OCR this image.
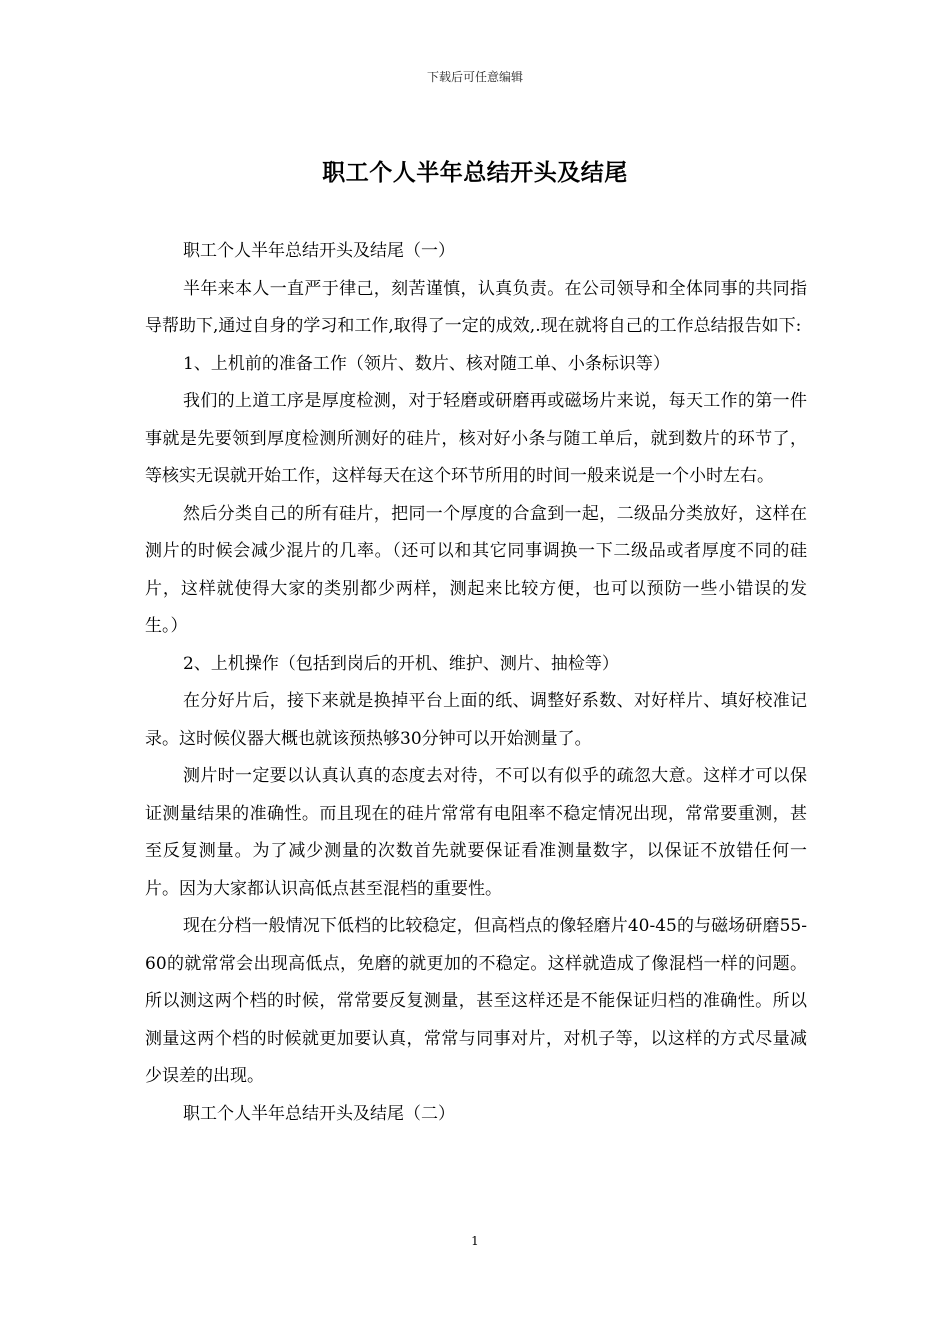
下载后可任意编辑
职工个人半年总结开头及结尾

职工个人半年总结开头及结尾（一）

半年来本人一直严于律己，刻苦谨慎，认真负责。在公司领导和全体同事的共同指导帮助下,通过自身的学习和工作,取得了一定的成效,.现在就将自己的工作总结报告如下:

1、上机前的准备工作（领片、数片、核对随工单、小条标识等）

我们的上道工序是厚度检测，对于轻磨或研磨再或磁场片来说，每天工作的第一件事就是先要领到厚度检测所测好的硅片，核对好小条与随工单后，就到数片的环节了，等核实无误就开始工作，这样每天在这个环节所用的时间一般来说是一个小时左右。

然后分类自己的所有硅片，把同一个厚度的合盒到一起，二级品分类放好，这样在测片的时候会减少混片的几率。（还可以和其它同事调换一下二级品或者厚度不同的硅片，这样就使得大家的类别都少两样，测起来比较方便，也可以预防一些小错误的发生。）

2、上机操作（包括到岗后的开机、维护、测片、抽检等）

在分好片后，接下来就是换掉平台上面的纸、调整好系数、对好样片、填好校准记录。这时候仪器大概也就该预热够30分钟可以开始测量了。

测片时一定要以认真认真的态度去对待，不可以有似乎的疏忽大意。这样才可以保证测量结果的准确性。而且现在的硅片常常有电阻率不稳定情况出现，常常要重测，甚至反复测量。为了减少测量的次数首先就要保证看准测量数字，以保证不放错任何一片。因为大家都认识高低点甚至混档的重要性。

现在分档一般情况下低档的比较稳定，但高档点的像轻磨片40-45的与磁场研磨55-60的就常常会出现高低点，免磨的就更加的不稳定。这样就造成了像混档一样的问题。所以测这两个档的时候，常常要反复测量，甚至这样还是不能保证归档的准确性。所以测量这两个档的时候就更加要认真，常常与同事对片，对机子等，以这样的方式尽量减少误差的出现。

职工个人半年总结开头及结尾（二）

1
